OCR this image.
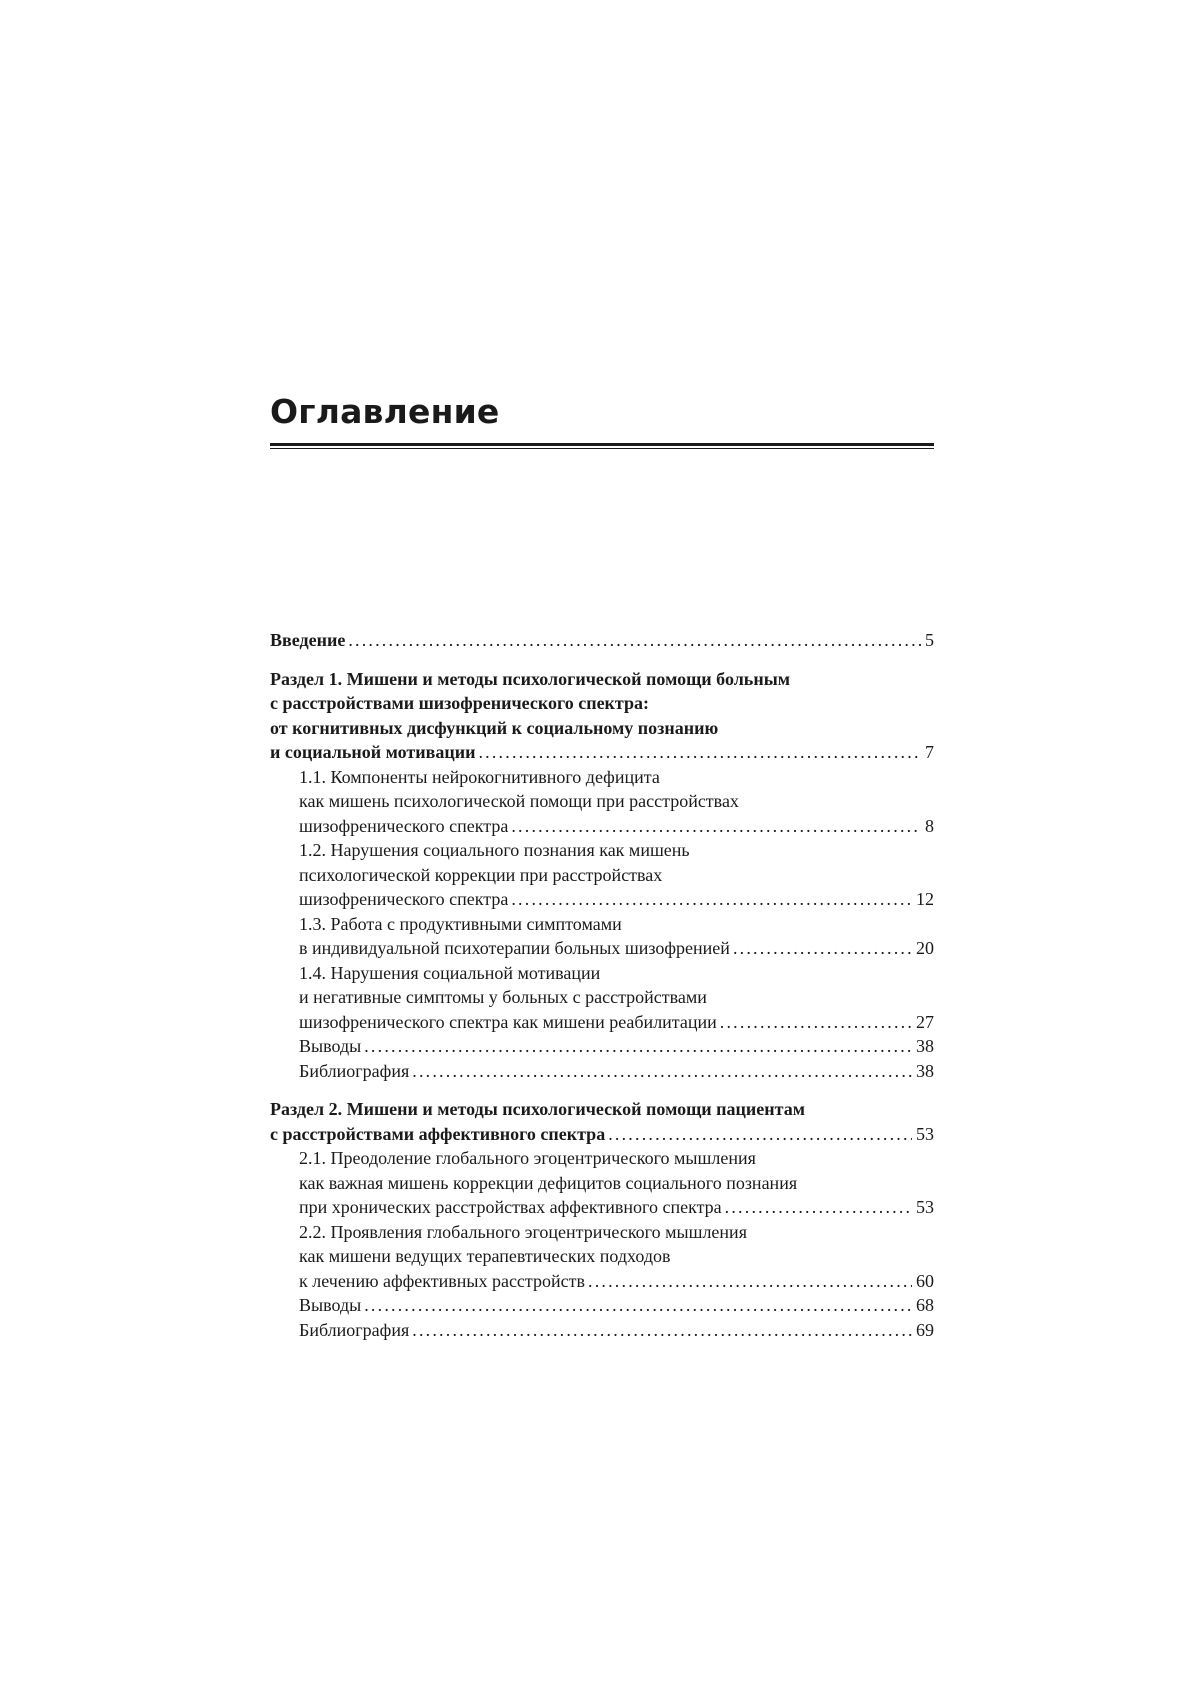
Оглавление
Введение .....	5
Раздел 1. Мишени и методы психологической помощи больным
с расстройствами шизофренического спектра:
от когнитивных дисфункций к социальному познанию
и социальной мотивации .....	7
1.1. Компоненты нейрокогнитивного дефицита
как мишень психологической помощи при расстройствах
шизофренического спектра .....	8
1.2. Нарушения социального познания как мишень
психологической коррекции при расстройствах
шизофренического спектра .....	12
1.3. Работа с продуктивными симптомами
в индивидуальной психотерапии больных шизофренией .....	20
1.4. Нарушения социальной мотивации
и негативные симптомы у больных с расстройствами
шизофренического спектра как мишени реабилитации .....	27
Выводы .....	38
Библиография .....	38
Раздел 2. Мишени и методы психологической помощи пациентам
с расстройствами аффективного спектра .....	53
2.1. Преодоление глобального эгоцентрического мышления
как важная мишень коррекции дефицитов социального познания
при хронических расстройствах аффективного спектра .....	53
2.2. Проявления глобального эгоцентрического мышления
как мишени ведущих терапевтических подходов
к лечению аффективных расстройств .....	60
Выводы .....	68
Библиография .....	69
